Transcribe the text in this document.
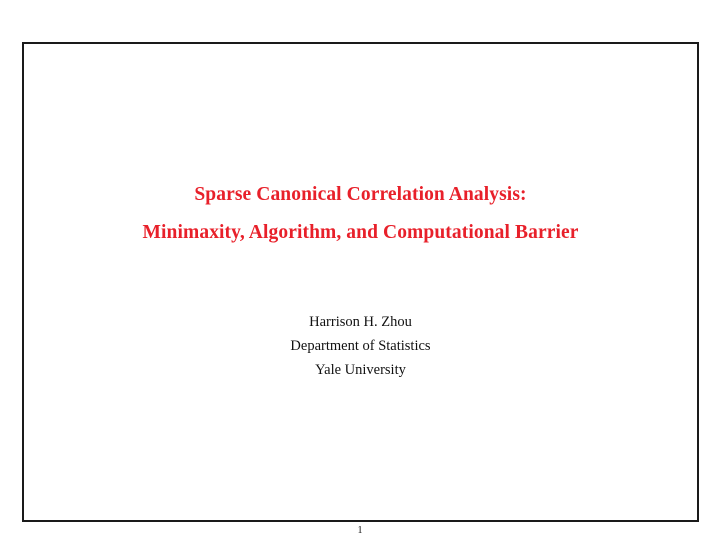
Sparse Canonical Correlation Analysis:
Minimaxity, Algorithm, and Computational Barrier
Harrison H. Zhou
Department of Statistics
Yale University
1
